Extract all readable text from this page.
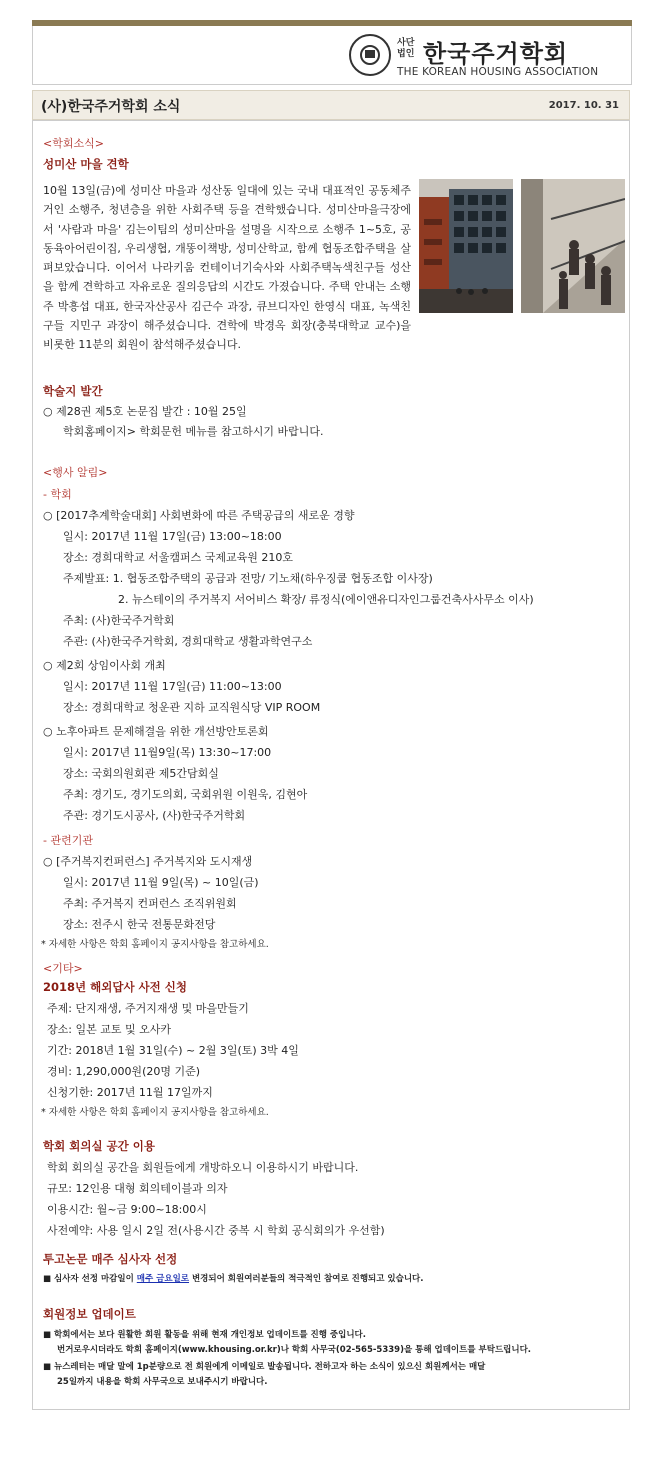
사단
법인 한국주거학회
THE KOREAN HOUSING ASSOCIATION
(사)한국주거학회 소식	2017. 10. 31
<학회소식>
성미산 마을 견학
10월 13일(금)에 성미산 마을과 성산동 일대에 있는 국내 대표적인 공동체주거인 소행주, 청년층을 위한 사회주택 등을 견학했습니다. 성미산마을극장에서 '사람과 마을' 김는이팀의 성미산마을 설명을 시작으로 소행주 1~5호, 공동육아어린이집, 우리생협, 개똥이책방, 성미산학교, 함께 협동조합주택을 살펴보았습니다. 이어서 나라키움 컨테이너기숙사와 사회주택녹색친구들 성산을 함께 견학하고 자유로운 질의응답의 시간도 가졌습니다. 주택 안내는 소행주 박흥섭 대표, 한국자산공사 김근수 과장, 큐브디자인 한영식 대표, 녹색친구들 지민구 과장이 해주셨습니다. 견학에 박경옥 회장(충북대학교 교수)을 비롯한 11분의 회원이 참석해주셨습니다.
학술지 발간
○ 제28권 제5호 논문집 발간 : 10월 25일
학회홈페이지> 학회문헌 메뉴를 참고하시기 바랍니다.
<행사 알림>
- 학회
○ [2017추계학술대회] 사회변화에 따른 주택공급의 새로운 경향
일시: 2017년 11월 17일(금) 13:00~18:00
장소: 경희대학교 서울캠퍼스 국제교육원 210호
주제발표: 1. 협동조합주택의 공급과 전망/ 기노채(하우징쿱 협동조합 이사장)
2. 뉴스테이의 주거복지 서어비스 확장/ 류정식(에이앤유디자인그룹건축사사무소 이사)
주최: (사)한국주거학회
주관: (사)한국주거학회, 경희대학교 생활과학연구소
○ 제2회 상임이사회 개최
일시: 2017년 11월 17일(금) 11:00~13:00
장소: 경희대학교 청운관 지하 교직원식당 VIP ROOM
○ 노후아파트 문제해결을 위한 개선방안토론회
일시: 2017년 11월9일(목) 13:30~17:00
장소: 국회의원회관 제5간담회실
주최: 경기도, 경기도의회, 국회위원 이원욱, 김현아
주관: 경기도시공사, (사)한국주거학회
- 관련기관
○ [주거복지컨퍼런스] 주거복지와 도시재생
일시: 2017년 11월 9일(목) ~ 10일(금)
주최: 주거복지 컨퍼런스 조직위원회
장소: 전주시 한국 전통문화전당
* 자세한 사항은 학회 홈페이지 공지사항을 참고하세요.
<기타>
2018년 해외답사 사전 신청
주제: 단지재생, 주거지재생 및 마을만들기
장소: 일본 교토 및 오사카
기간: 2018년 1월 31일(수) ~ 2월 3일(토) 3박 4일
경비: 1,290,000원(20명 기준)
신청기한: 2017년 11월 17일까지
* 자세한 사항은 학회 홈페이지 공지사항을 참고하세요.
학회 회의실 공간 이용
학회 회의실 공간을 회원들에게 개방하오니 이용하시기 바랍니다.
규모: 12인용 대형 회의테이블과 의자
이용시간: 월~금 9:00~18:00시
사전예약: 사용 일시 2일 전(사용시간 중복 시 학회 공식회의가 우선함)
투고논문 매주 심사자 선정
■ 심사자 선정 마감일이 매주 금요일로 변경되어 회원여러분들의 적극적인 참여로 진행되고 있습니다.
회원정보 업데이트
■ 학회에서는 보다 원활한 회원 활동을 위해 현재 개인정보 업데이트를 진행 중입니다.
번거로우시더라도 학회 홈페이지(www.khousing.or.kr)나 학회 사무국(02-565-5339)을 통해 업데이트를 부탁드립니다.
■ 뉴스레터는 매달 말에 1p분량으로 전 회원에게 이메일로 발송됩니다. 전하고자 하는 소식이 있으신 회원께서는 매달
25일까지 내용을 학회 사무국으로 보내주시기 바랍니다.
